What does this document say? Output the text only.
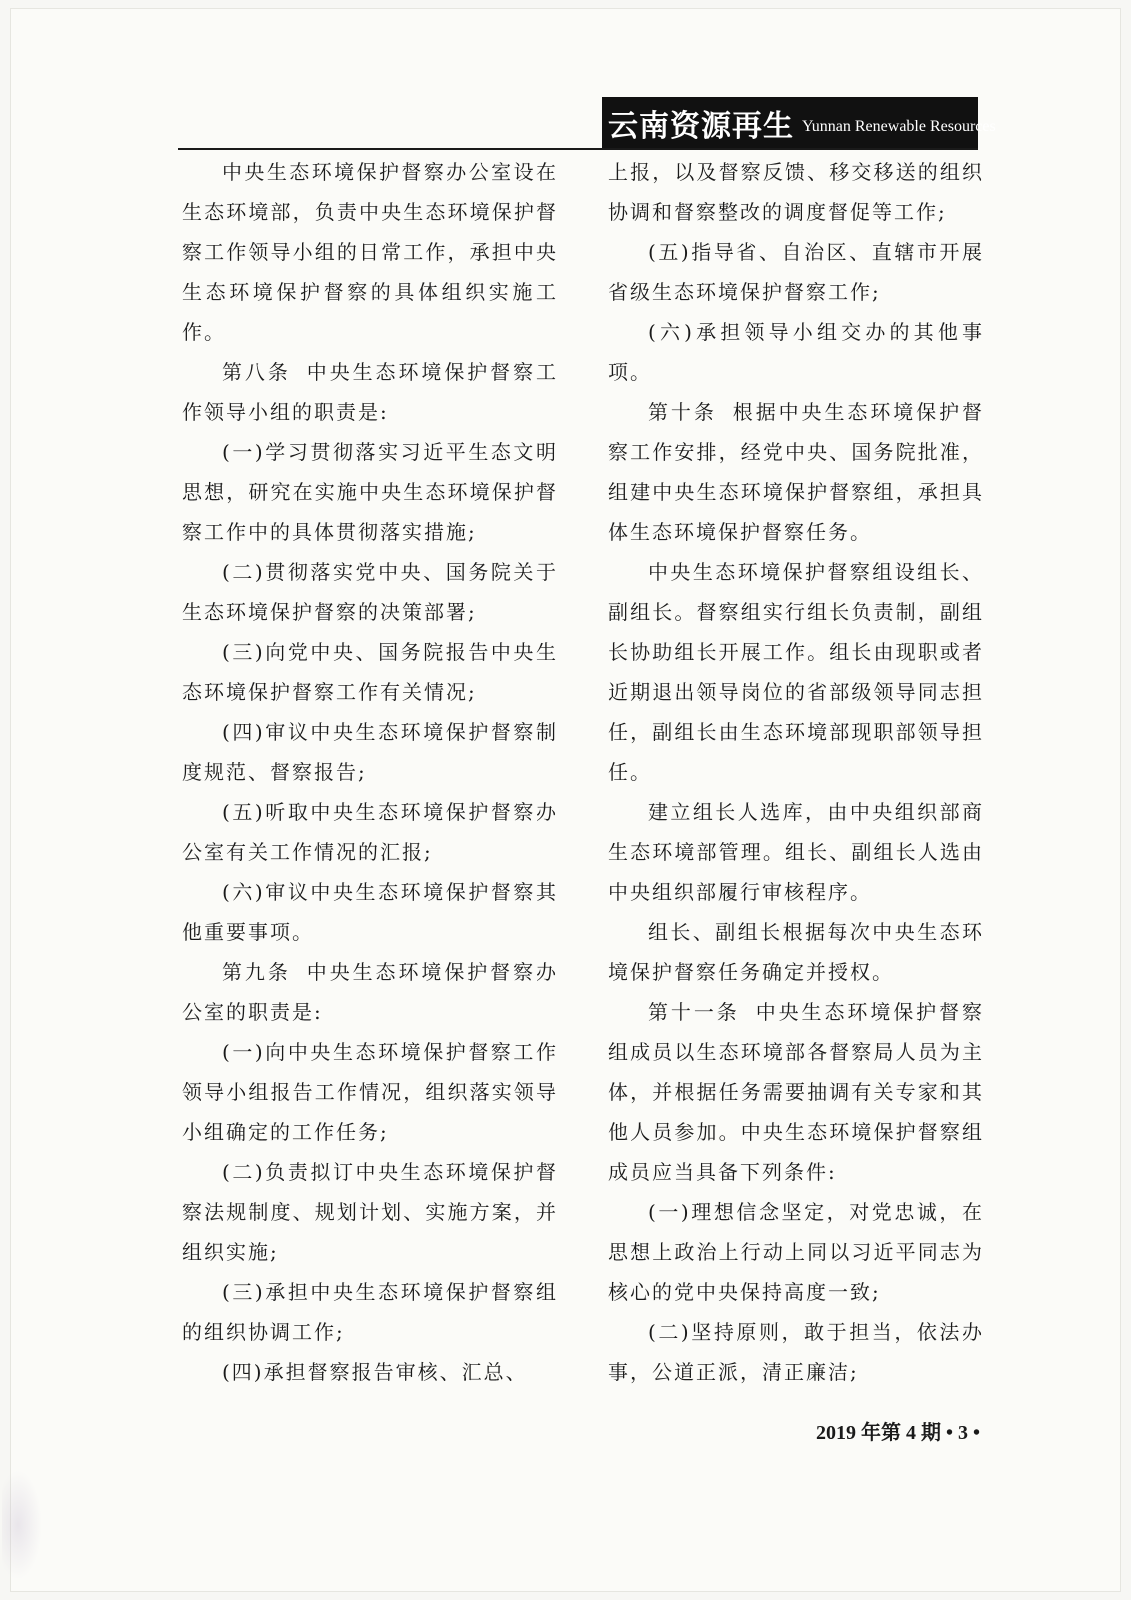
云南资源再生 Yunnan Renewable Resources

中央生态环境保护督察办公室设在生态环境部，负责中央生态环境保护督察工作领导小组的日常工作，承担中央生态环境保护督察的具体组织实施工作。

第八条 中央生态环境保护督察工作领导小组的职责是:

(一)学习贯彻落实习近平生态文明思想，研究在实施中央生态环境保护督察工作中的具体贯彻落实措施;

(二)贯彻落实党中央、国务院关于生态环境保护督察的决策部署;

(三)向党中央、国务院报告中央生态环境保护督察工作有关情况;

(四)审议中央生态环境保护督察制度规范、督察报告;

(五)听取中央生态环境保护督察办公室有关工作情况的汇报;

(六)审议中央生态环境保护督察其他重要事项。

第九条 中央生态环境保护督察办公室的职责是:

(一)向中央生态环境保护督察工作领导小组报告工作情况，组织落实领导小组确定的工作任务;

(二)负责拟订中央生态环境保护督察法规制度、规划计划、实施方案，并组织实施;

(三)承担中央生态环境保护督察组的组织协调工作;

(四)承担督察报告审核、汇总、

上报，以及督察反馈、移交移送的组织协调和督察整改的调度督促等工作;

(五)指导省、自治区、直辖市开展省级生态环境保护督察工作;

(六)承担领导小组交办的其他事项。

第十条 根据中央生态环境保护督察工作安排，经党中央、国务院批准，组建中央生态环境保护督察组，承担具体生态环境保护督察任务。

中央生态环境保护督察组设组长、副组长。督察组实行组长负责制，副组长协助组长开展工作。组长由现职或者近期退出领导岗位的省部级领导同志担任，副组长由生态环境部现职部领导担任。

建立组长人选库，由中央组织部商生态环境部管理。组长、副组长人选由中央组织部履行审核程序。

组长、副组长根据每次中央生态环境保护督察任务确定并授权。

第十一条 中央生态环境保护督察组成员以生态环境部各督察局人员为主体，并根据任务需要抽调有关专家和其他人员参加。中央生态环境保护督察组成员应当具备下列条件:

(一)理想信念坚定，对党忠诚，在思想上政治上行动上同以习近平同志为核心的党中央保持高度一致;

(二)坚持原则，敢于担当，依法办事，公道正派，清正廉洁;

2019 年第 4 期 • 3 •
